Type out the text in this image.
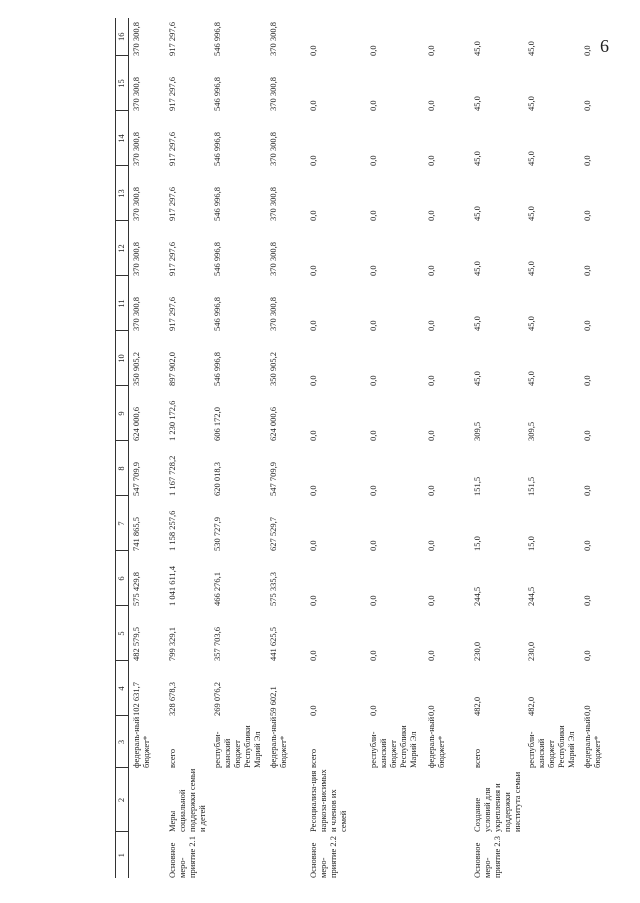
6
1	2	3	4	5	6	7	8	9	10	11	12	13	14	15	16
		федераль-ный бюджет*	102 631,7	482 579,5	575 429,8	741 865,5	547 709,9	624 000,6	350 905,2	370 300,8	370 300,8	370 300,8	370 300,8	370 300,8	370 300,8
Основное меро-приятие 2.1	Меры социальной поддержки семьи и детей	всего	328 678,3	799 329,1	1 041 611,4	1 158 257,6	1 167 728,2	1 230 172,6	897 902,0	917 297,6	917 297,6	917 297,6	917 297,6	917 297,6	917 297,6
		республи-канский бюджет Республики Марий Эл	269 076,2	357 703,6	466 276,1	530 727,9	620 018,3	606 172,0	546 996,8	546 996,8	546 996,8	546 996,8	546 996,8	546 996,8	546 996,8
		федераль-ный бюджет*	59 602,1	441 625,5	575 335,3	627 529,7	547 709,9	624 000,6	350 905,2	370 300,8	370 300,8	370 300,8	370 300,8	370 300,8	370 300,8
Основное меро-приятие 2.2	Ресоциализа-ция наркоза-висимых и членов их семей	всего	0,0	0,0	0,0	0,0	0,0	0,0	0,0	0,0	0,0	0,0	0,0	0,0	0,0
		республи-канский бюджет Республики Марий Эл	0,0	0,0	0,0	0,0	0,0	0,0	0,0	0,0	0,0	0,0	0,0	0,0	0,0
		федераль-ный бюджет*	0,0	0,0	0,0	0,0	0,0	0,0	0,0	0,0	0,0	0,0	0,0	0,0	0,0
Основное меро-приятие 2.3	Создание условий для укрепления и поддержки института семьи	всего	482,0	230,0	244,5	15,0	151,5	309,5	45,0	45,0	45,0	45,0	45,0	45,0	45,0
		республи-канский бюджет Республики Марий Эл	482,0	230,0	244,5	15,0	151,5	309,5	45,0	45,0	45,0	45,0	45,0	45,0	45,0
		федераль-ный бюджет*	0,0	0,0	0,0	0,0	0,0	0,0	0,0	0,0	0,0	0,0	0,0	0,0	0,0
